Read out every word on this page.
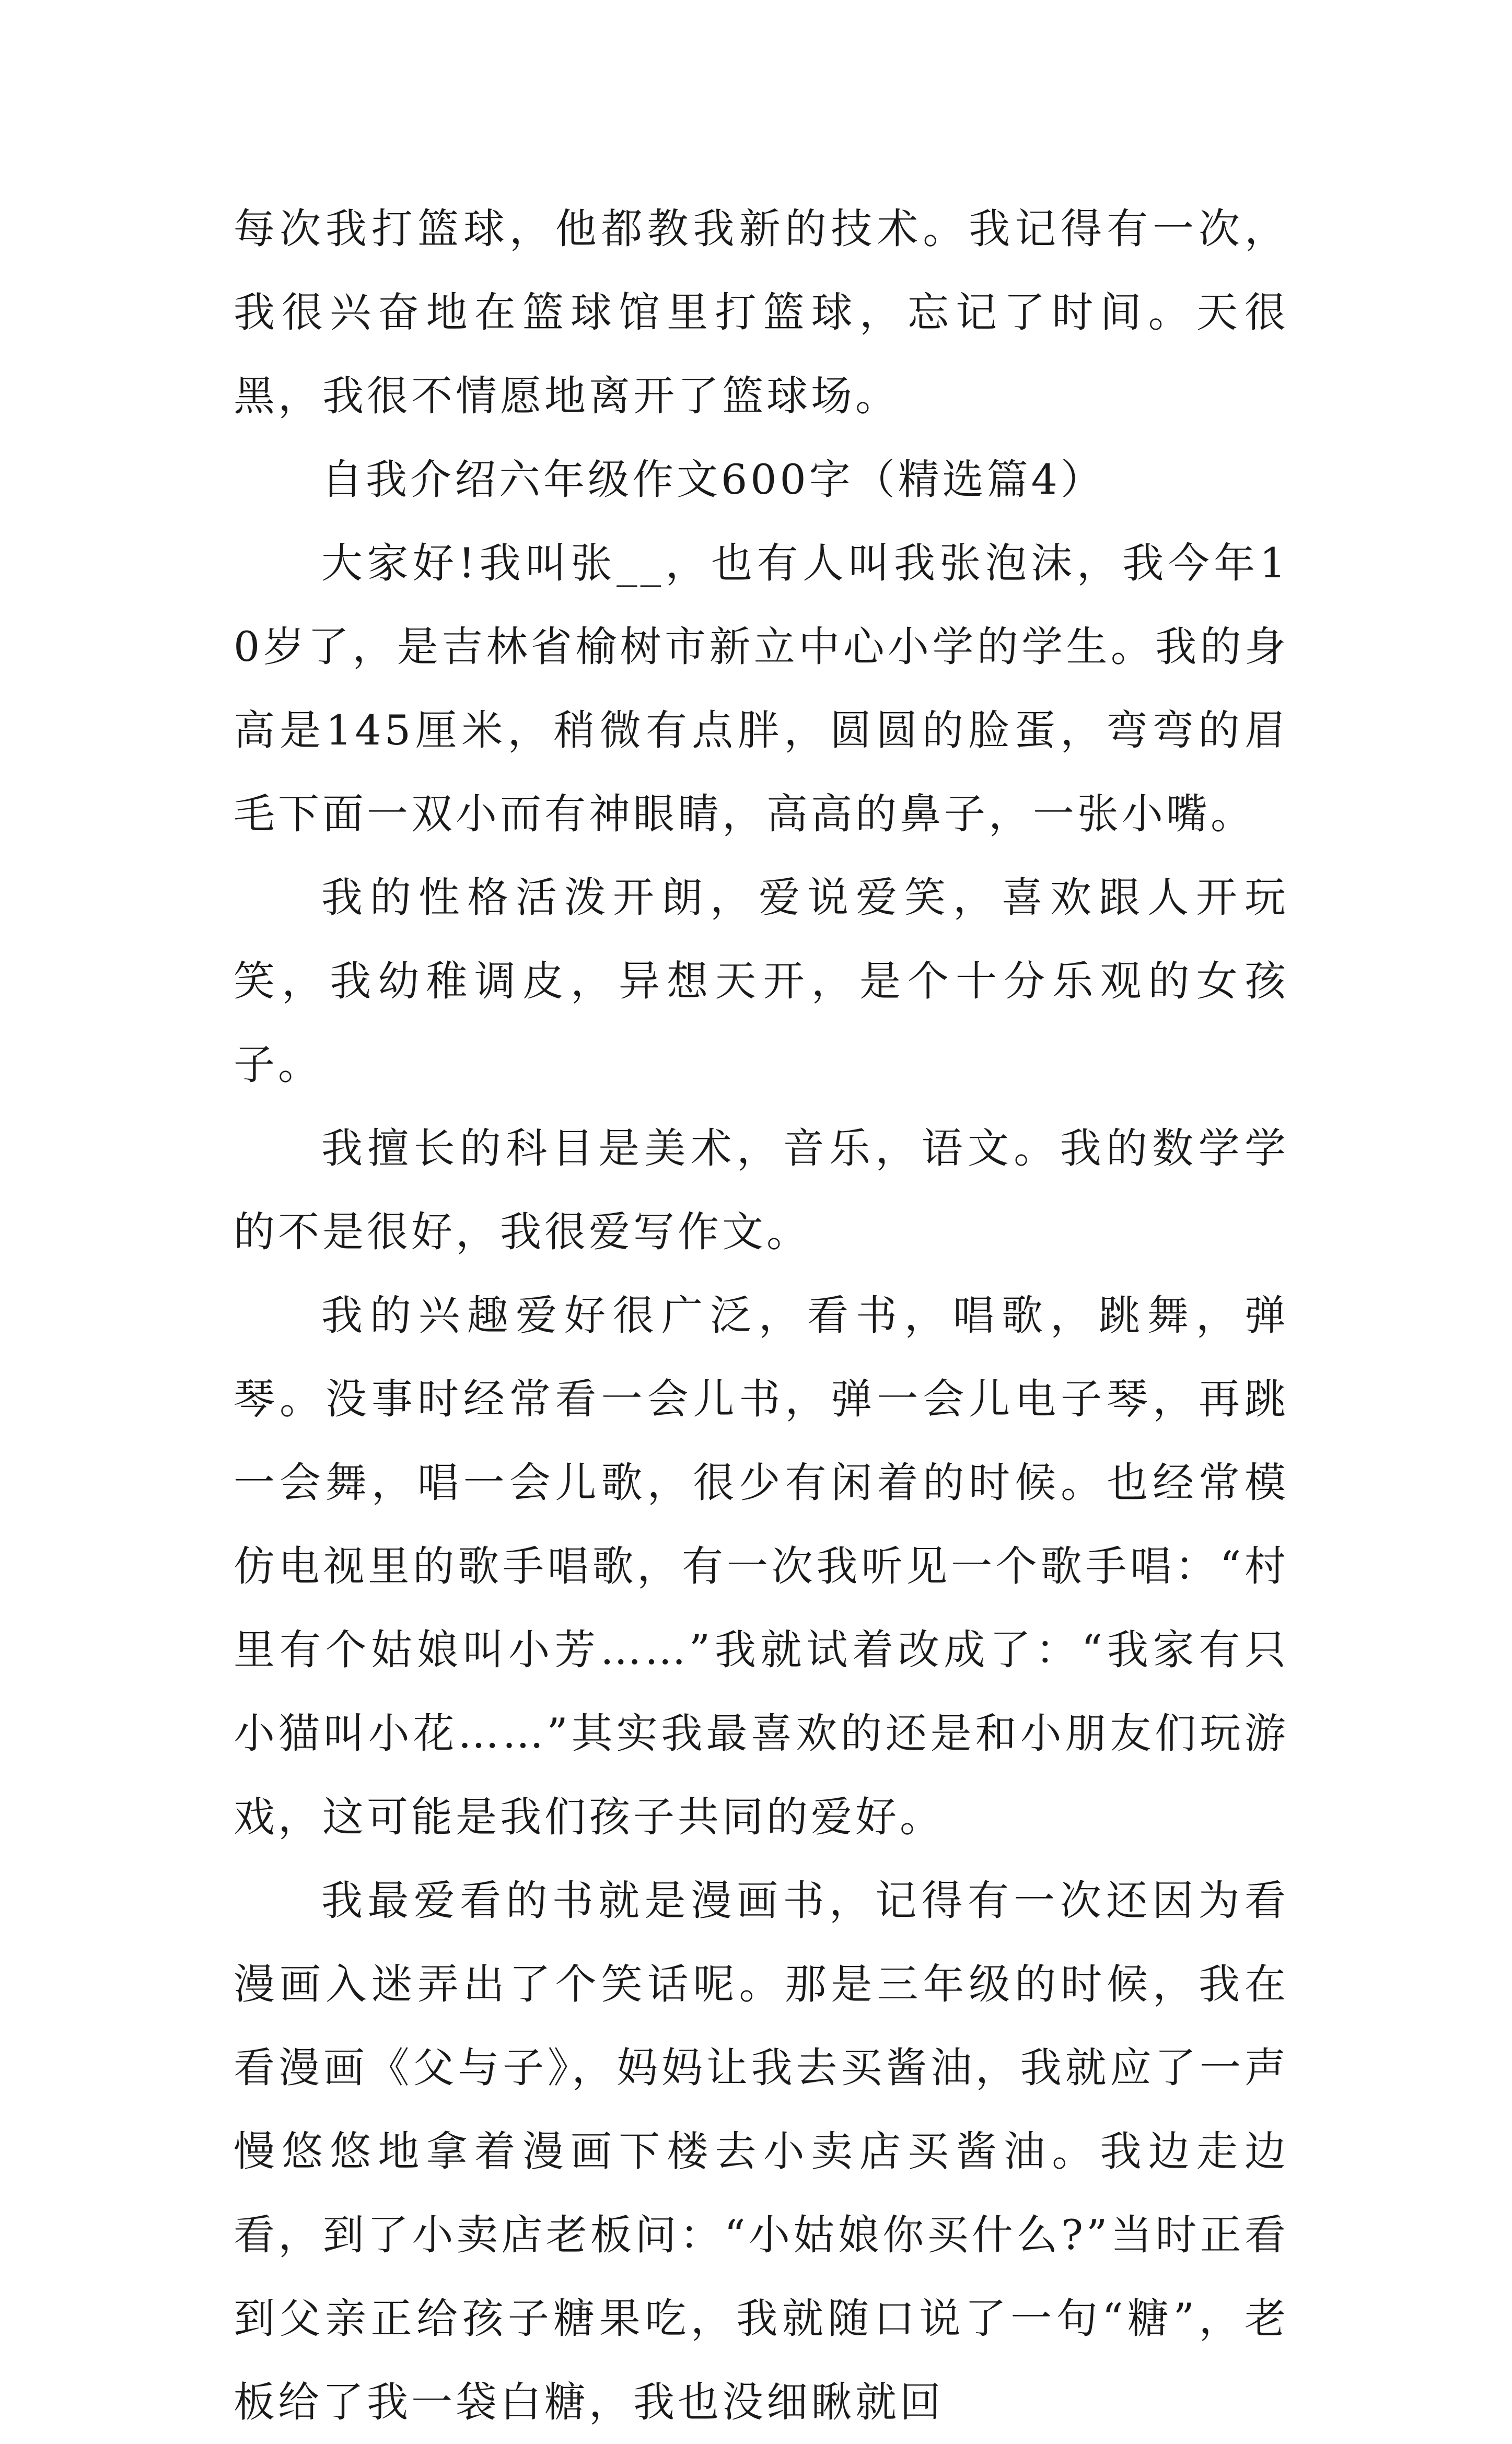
每次我打篮球，他都教我新的技术。我记得有一次，我很兴奋地在篮球馆里打篮球，忘记了时间。天很黑，我很不情愿地离开了篮球场。

自我介绍六年级作文600字（精选篇4）

大家好!我叫张__，也有人叫我张泡沫，我今年10岁了，是吉林省榆树市新立中心小学的学生。我的身高是145厘米，稍微有点胖，圆圆的脸蛋，弯弯的眉毛下面一双小而有神眼睛，高高的鼻子，一张小嘴。

我的性格活泼开朗，爱说爱笑，喜欢跟人开玩笑，我幼稚调皮，异想天开，是个十分乐观的女孩子。

我擅长的科目是美术，音乐，语文。我的数学学的不是很好，我很爱写作文。

我的兴趣爱好很广泛，看书，唱歌，跳舞，弹琴。没事时经常看一会儿书，弹一会儿电子琴，再跳一会舞，唱一会儿歌，很少有闲着的时候。也经常模仿电视里的歌手唱歌，有一次我听见一个歌手唱：“村里有个姑娘叫小芳……”我就试着改成了：“我家有只小猫叫小花……”其实我最喜欢的还是和小朋友们玩游戏，这可能是我们孩子共同的爱好。

我最爱看的书就是漫画书，记得有一次还因为看漫画入迷弄出了个笑话呢。那是三年级的时候，我在看漫画《父与子》，妈妈让我去买酱油，我就应了一声慢悠悠地拿着漫画下楼去小卖店买酱油。我边走边看，到了小卖店老板问：“小姑娘你买什么?”当时正看到父亲正给孩子糖果吃，我就随口说了一句“糖”，老板给了我一袋白糖，我也没细瞅就回
